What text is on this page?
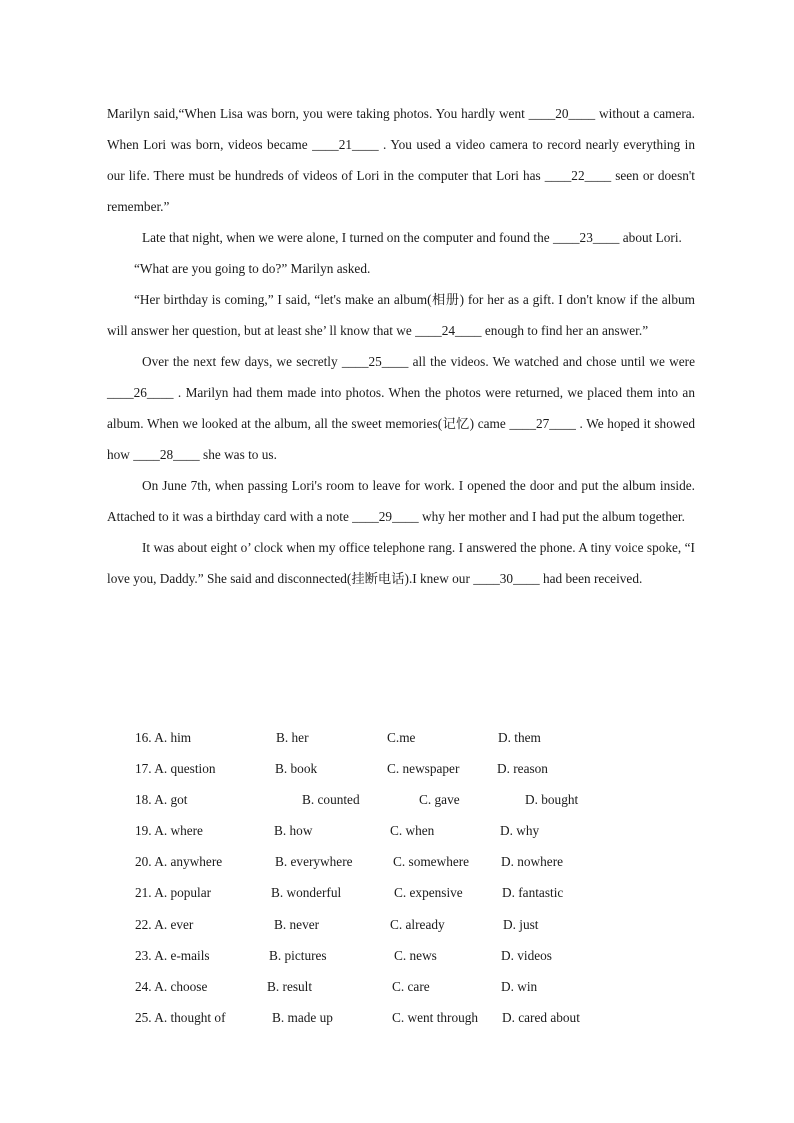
Marilyn said,“When Lisa was born, you were taking photos. You hardly went ____20____ without a camera. When Lori was born, videos became ____21____ . You used a video camera to record nearly everything in our life. There must be hundreds of videos of Lori in the computer that Lori has ____22____ seen or doesn't remember.”

Late that night, when we were alone, I turned on the computer and found the ____23____ about Lori.

“What are you going to do?” Marilyn asked.

“Her birthday is coming,” I said, “let's make an album(相册) for her as a gift. I don't know if the album will answer her question, but at least she’ ll know that we ____24____ enough to find her an answer.”

Over the next few days, we secretly ____25____ all the videos. We watched and chose until we were ____26____ . Marilyn had them made into photos. When the photos were returned, we placed them into an album. When we looked at the album, all the sweet memories(记忆) came ____27____ . We hoped it showed how ____28____ she was to us.

On June 7th, when passing Lori's room to leave for work. I opened the door and put the album inside. Attached to it was a birthday card with a note ____29____ why her mother and I had put the album together.

It was about eight o’ clock when my office telephone rang. I answered the phone. A tiny voice spoke, “I love you, Daddy.” She said and disconnected(挂断电话).I knew our ____30____ had been received.

16. A. him	B. her	C.me	D. them
17. A. question	B. book	C. newspaper	D. reason
18. A. got	B. counted	C. gave	D. bought
19. A. where	B. how	C. when	D. why
20. A. anywhere	B. everywhere	C. somewhere D. nowhere
21. A. popular	B. wonderful	C. expensive	D. fantastic
22. A. ever	B. never	C. already	D. just
23. A. e-mails	B. pictures	C. news	D. videos
24. A. choose	B. result	C. care	D. win
25. A. thought of	B. made up	C. went through D. cared about
